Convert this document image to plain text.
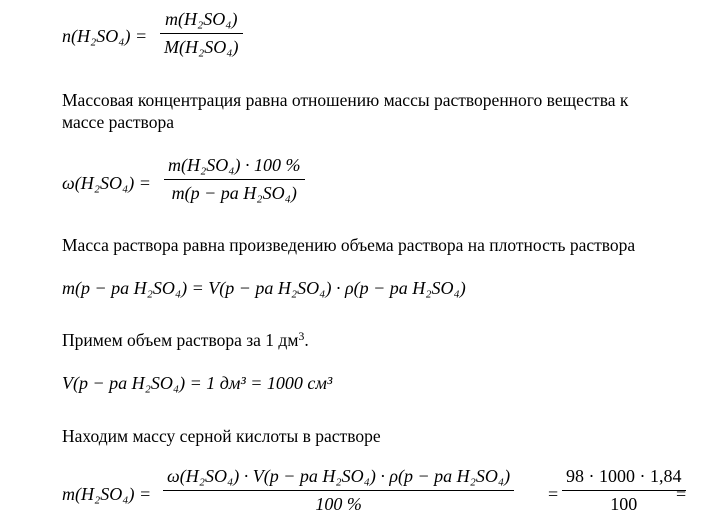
n(H₂SO₄) =
m(H₂SO₄)
M(H₂SO₄)
Массовая концентрация равна отношению массы растворенного вещества к
массе раствора
ω(H₂SO₄) =
m(H₂SO₄) · 100 %
m(p − pa H₂SO₄)
Масса раствора равна произведению объема раствора на плотность раствора
m(p − pa H₂SO₄) = V(p − pa H₂SO₄) · ρ(p − pa H₂SO₄)
Примем объем раствора за 1 $дм^3$.
V(p − pa H₂SO₄) = 1 дм³ = 1000 см³
Находим массу серной кислоты в растворе
m(H₂SO₄) =
ω(H₂SO₄) · V(p − pa H₂SO₄) · ρ(p − pa H₂SO₄)
100 %	=
98 · 1000 · 1,84
100 =
